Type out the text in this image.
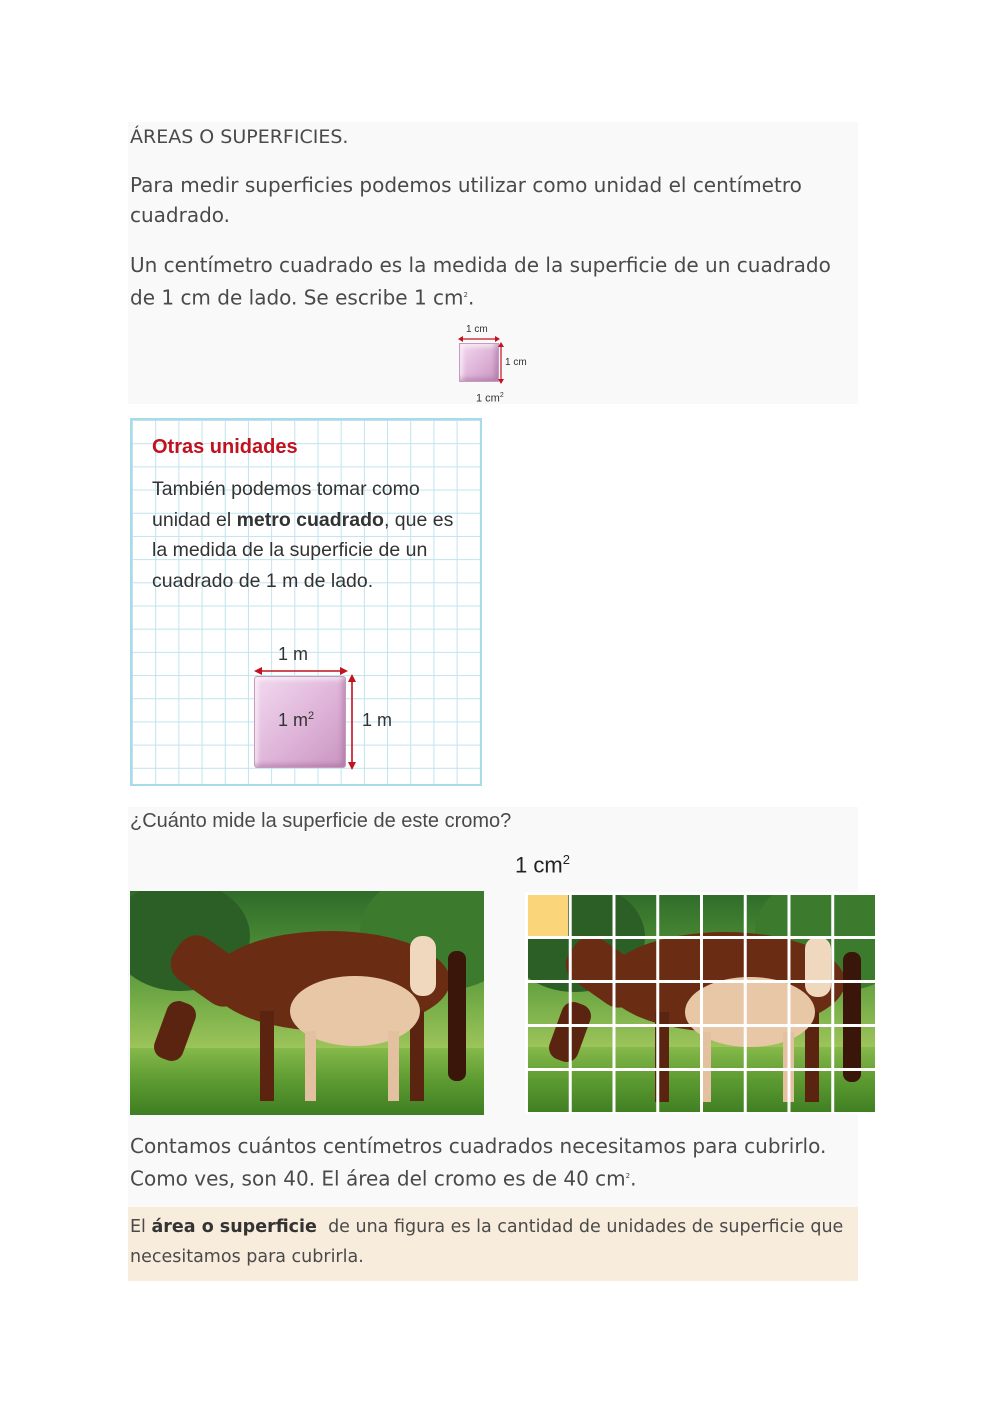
ÁREAS O SUPERFICIES.
Para medir superficies podemos utilizar como unidad el centímetro cuadrado.
Un centímetro cuadrado es la medida de la superficie de un cuadrado de 1 cm de lado. Se escribe 1 $cm^2$.
1 cm
1 cm
1 $cm^2$
Otras unidades
También podemos tomar como unidad el metro cuadrado, que es la medida de la superficie de un cuadrado de 1 m de lado.
1 m
1 $m^2$	1 m
¿Cuánto mide la superficie de este cromo?
1 $cm^2$
Contamos cuántos centímetros cuadrados necesitamos para cubrirlo. Como ves, son 40. El área del cromo es de 40 $cm^2$.
El área o superficie  de una figura es la cantidad de unidades de superficie que necesitamos para cubrirla.
